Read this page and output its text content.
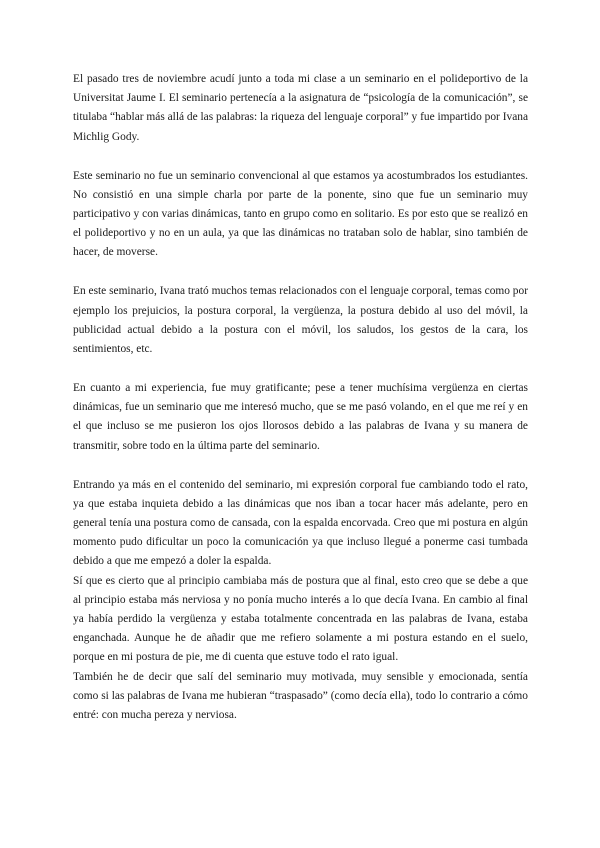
El pasado tres de noviembre acudí junto a toda mi clase a un seminario en el polideportivo de la Universitat Jaume I. El seminario pertenecía a la asignatura de “psicología de la comunicación”, se titulaba “hablar más allá de las palabras: la riqueza del lenguaje corporal” y fue impartido por Ivana Michlig Gody.

Este seminario no fue un seminario convencional al que estamos ya acostumbrados los estudiantes. No consistió en una simple charla por parte de la ponente, sino que fue un seminario muy participativo y con varias dinámicas, tanto en grupo como en solitario. Es por esto que se realizó en el polideportivo y no en un aula, ya que las dinámicas no trataban solo de hablar, sino también de hacer, de moverse.

En este seminario, Ivana trató muchos temas relacionados con el lenguaje corporal, temas como por ejemplo los prejuicios, la postura corporal, la vergüenza, la postura debido al uso del móvil, la publicidad actual debido a la postura con el móvil, los saludos, los gestos de la cara, los sentimientos, etc.

En cuanto a mi experiencia, fue muy gratificante; pese a tener muchísima vergüenza en ciertas dinámicas, fue un seminario que me interesó mucho, que se me pasó volando, en el que me reí y en el que incluso se me pusieron los ojos llorosos debido a las palabras de Ivana y su manera de transmitir, sobre todo en la última parte del seminario.

Entrando ya más en el contenido del seminario, mi expresión corporal fue cambiando todo el rato, ya que estaba inquieta debido a las dinámicas que nos iban a tocar hacer más adelante, pero en general tenía una postura como de cansada, con la espalda encorvada. Creo que mi postura en algún momento pudo dificultar un poco la comunicación ya que incluso llegué a ponerme casi tumbada debido a que me empezó a doler la espalda.

Sí que es cierto que al principio cambiaba más de postura que al final, esto creo que se debe a que al principio estaba más nerviosa y no ponía mucho interés a lo que decía Ivana. En cambio al final ya había perdido la vergüenza y estaba totalmente concentrada en las palabras de Ivana, estaba enganchada. Aunque he de añadir que me refiero solamente a mi postura estando en el suelo, porque en mi postura de pie, me di cuenta que estuve todo el rato igual.

También he de decir que salí del seminario muy motivada, muy sensible y emocionada, sentía como si las palabras de Ivana me hubieran “traspasado” (como decía ella), todo lo contrario a cómo entré: con mucha pereza y nerviosa.
